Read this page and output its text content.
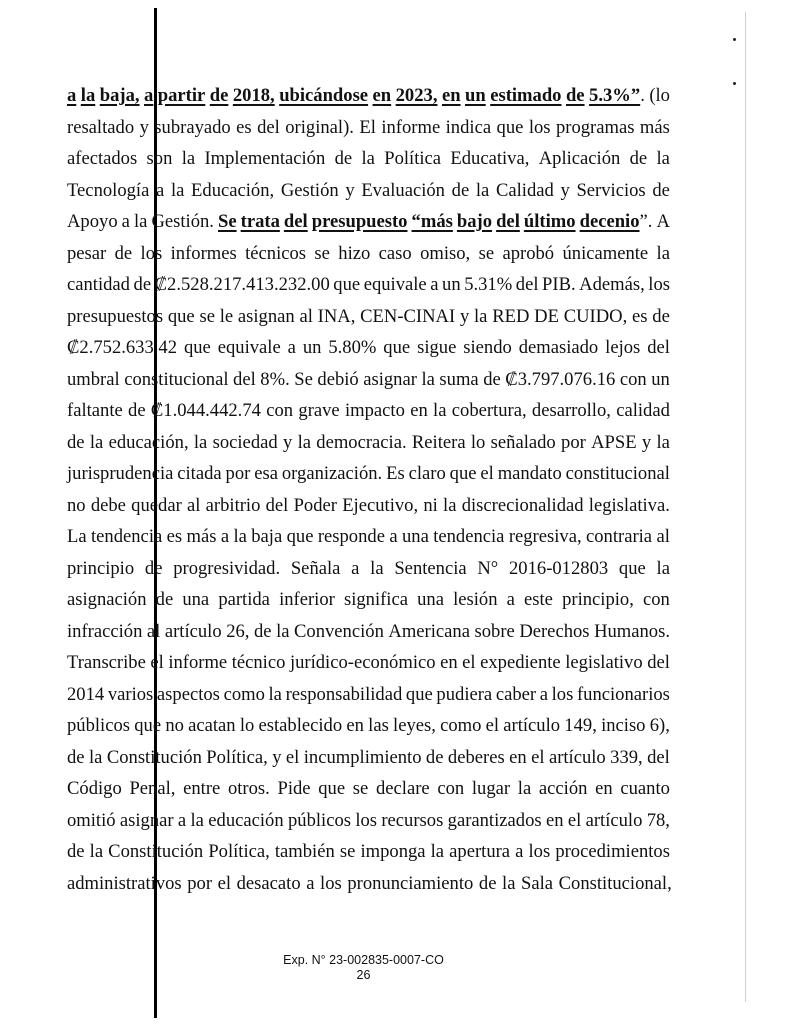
a la baja, a partir de 2018, ubicándose en 2023, en un estimado de 5.3%”. (lo
resaltado y subrayado es del original). El informe indica que los programas más
afectados son la Implementación de la Política Educativa, Aplicación de la
Tecnología a la Educación, Gestión y Evaluación de la Calidad y Servicios de
Apoyo a la Gestión. Se trata del presupuesto “más bajo del último decenio”. A
pesar de los informes técnicos se hizo caso omiso, se aprobó únicamente la
cantidad de ₡2.528.217.413.232.00 que equivale a un 5.31% del PIB. Además, los
presupuestos que se le asignan al INA, CEN-CINAI y la RED DE CUIDO, es de
₡2.752.633.42 que equivale a un 5.80% que sigue siendo demasiado lejos del
umbral constitucional del 8%. Se debió asignar la suma de ₡3.797.076.16 con un
faltante de ₡1.044.442.74 con grave impacto en la cobertura, desarrollo, calidad
de la educación, la sociedad y la democracia. Reitera lo señalado por APSE y la
jurisprudencia citada por esa organización. Es claro que el mandato constitucional
no debe quedar al arbitrio del Poder Ejecutivo, ni la discrecionalidad legislativa.
La tendencia es más a la baja que responde a una tendencia regresiva, contraria al
principio de progresividad. Señala a la Sentencia N° 2016-012803 que la
asignación de una partida inferior significa una lesión a este principio, con
infracción al artículo 26, de la Convención Americana sobre Derechos Humanos.
Transcribe el informe técnico jurídico-económico en el expediente legislativo del
2014 varios aspectos como la responsabilidad que pudiera caber a los funcionarios
públicos que no acatan lo establecido en las leyes, como el artículo 149, inciso 6),
de la Constitución Política, y el incumplimiento de deberes en el artículo 339, del
Código Penal, entre otros. Pide que se declare con lugar la acción en cuanto
omitió asignar a la educación públicos los recursos garantizados en el artículo 78,
de la Constitución Política, también se imponga la apertura a los procedimientos
administrativos por el desacato a los pronunciamiento de la Sala Constitucional,
Exp. N° 23-002835-0007-CO
26
